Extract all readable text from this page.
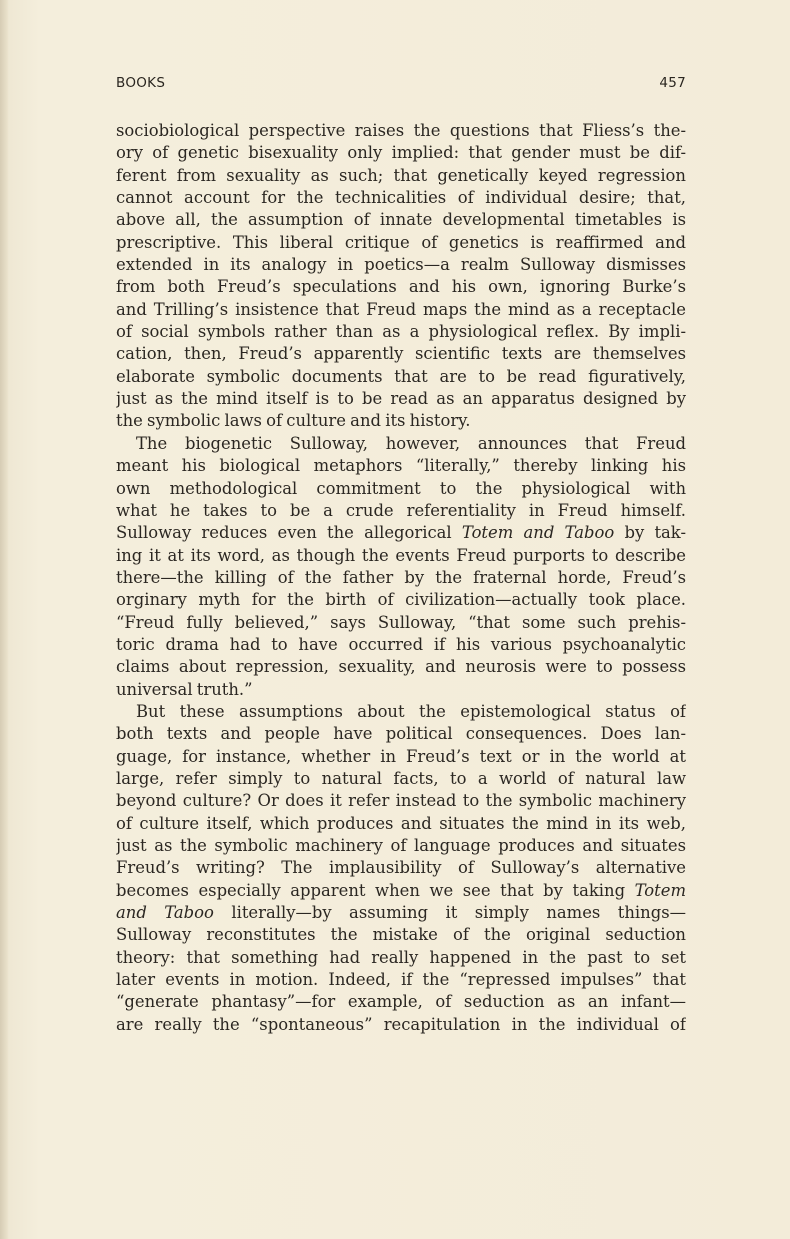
BOOKS	457
sociobiological perspective raises the questions that Fliess’s the-
ory of genetic bisexuality only implied: that gender must be dif-
ferent from sexuality as such; that genetically keyed regression
cannot account for the technicalities of individual desire; that,
above all, the assumption of innate developmental timetables is
prescriptive. This liberal critique of genetics is reaffirmed and
extended in its analogy in poetics—a realm Sulloway dismisses
from both Freud’s speculations and his own, ignoring Burke’s
and Trilling’s insistence that Freud maps the mind as a receptacle
of social symbols rather than as a physiological reflex. By impli-
cation, then, Freud’s apparently scientific texts are themselves
elaborate symbolic documents that are to be read figuratively,
just as the mind itself is to be read as an apparatus designed by
the symbolic laws of culture and its history.
The biogenetic Sulloway, however, announces that Freud
meant his biological metaphors “literally,” thereby linking his
own methodological commitment to the physiological with
what he takes to be a crude referentiality in Freud himself.
Sulloway reduces even the allegorical Totem and Taboo by tak-
ing it at its word, as though the events Freud purports to describe
there—the killing of the father by the fraternal horde, Freud’s
orginary myth for the birth of civilization—actually took place.
“Freud fully believed,” says Sulloway, “that some such prehis-
toric drama had to have occurred if his various psychoanalytic
claims about repression, sexuality, and neurosis were to possess
universal truth.”
But these assumptions about the epistemological status of
both texts and people have political consequences. Does lan-
guage, for instance, whether in Freud’s text or in the world at
large, refer simply to natural facts, to a world of natural law
beyond culture? Or does it refer instead to the symbolic machinery
of culture itself, which produces and situates the mind in its web,
just as the symbolic machinery of language produces and situates
Freud’s writing? The implausibility of Sulloway’s alternative
becomes especially apparent when we see that by taking Totem
and Taboo literally—by assuming it simply names things—
Sulloway reconstitutes the mistake of the original seduction
theory: that something had really happened in the past to set
later events in motion. Indeed, if the “repressed impulses” that
“generate phantasy”—for example, of seduction as an infant—
are really the “spontaneous” recapitulation in the individual of
